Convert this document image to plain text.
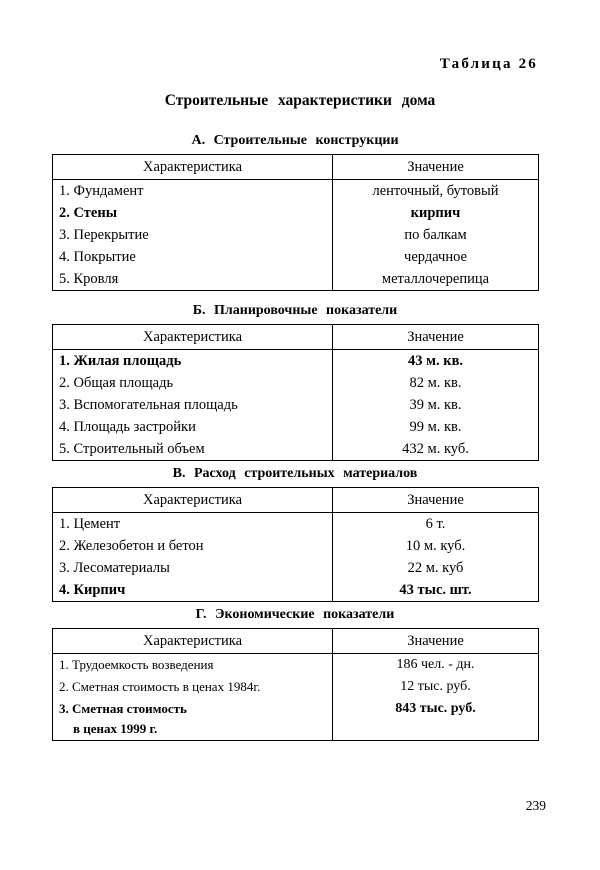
Таблица 26
Строительные характеристики дома
А. Строительные конструкции
Характеристика	Значение
1. Фундамент	ленточный, бутовый
2. Стены	кирпич
3. Перекрытие	по балкам
4. Покрытие	чердачное
5. Кровля	металлочерепица
Б. Планировочные показатели
Характеристика	Значение
1. Жилая площадь	43 м. кв.
2. Общая площадь	82 м. кв.
3. Вспомогательная площадь	39 м. кв.
4. Площадь застройки	99 м. кв.
5. Строительный объем	432 м. куб.
В. Расход строительных материалов
Характеристика	Значение
1. Цемент	6 т.
2. Железобетон и бетон	10 м. куб.
3. Лесоматериалы	22 м. куб
4. Кирпич	43 тыс. шт.
Г. Экономические показатели
Характеристика	Значение
1. Трудоемкость возведения	186 чел. - дн.
2. Сметная стоимость в ценах 1984г.	12 тыс. руб.
3. Сметная стоимость
в ценах 1999 г.	843 тыс. руб.
239
